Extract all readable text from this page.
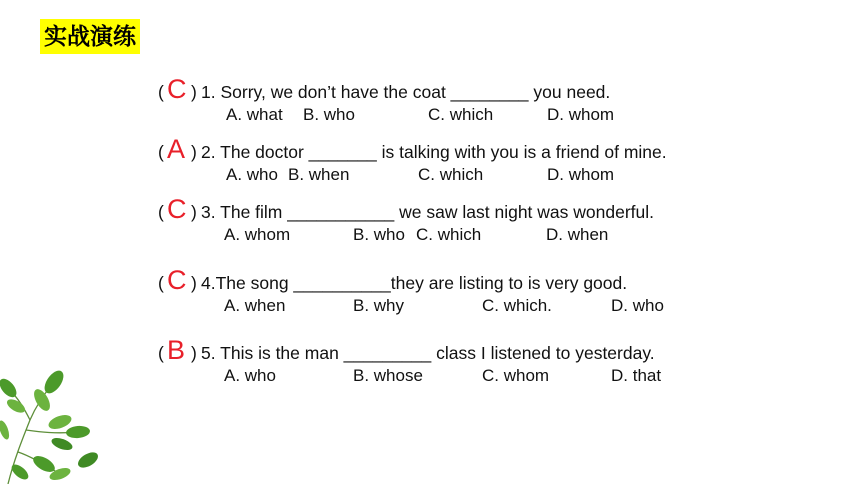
实战演练
( C ) 1. Sorry, we don’t have the coat ________ you need.
A. what B. who	C. which	D. whom
( A ) 2. The doctor _______ is talking with you is a friend of mine.
A. who B. when	C. which	D. whom
( C ) 3. The film ___________ we saw last night was wonderful.
A. whom	B. who C. which	D. when
( C ) 4.The song __________they are listing to is very good.
A. when	B. why	C. which.	D. who
( B ) 5. This is the man _________ class I listened to yesterday.
A. who	B. whose	C. whom	D. that
